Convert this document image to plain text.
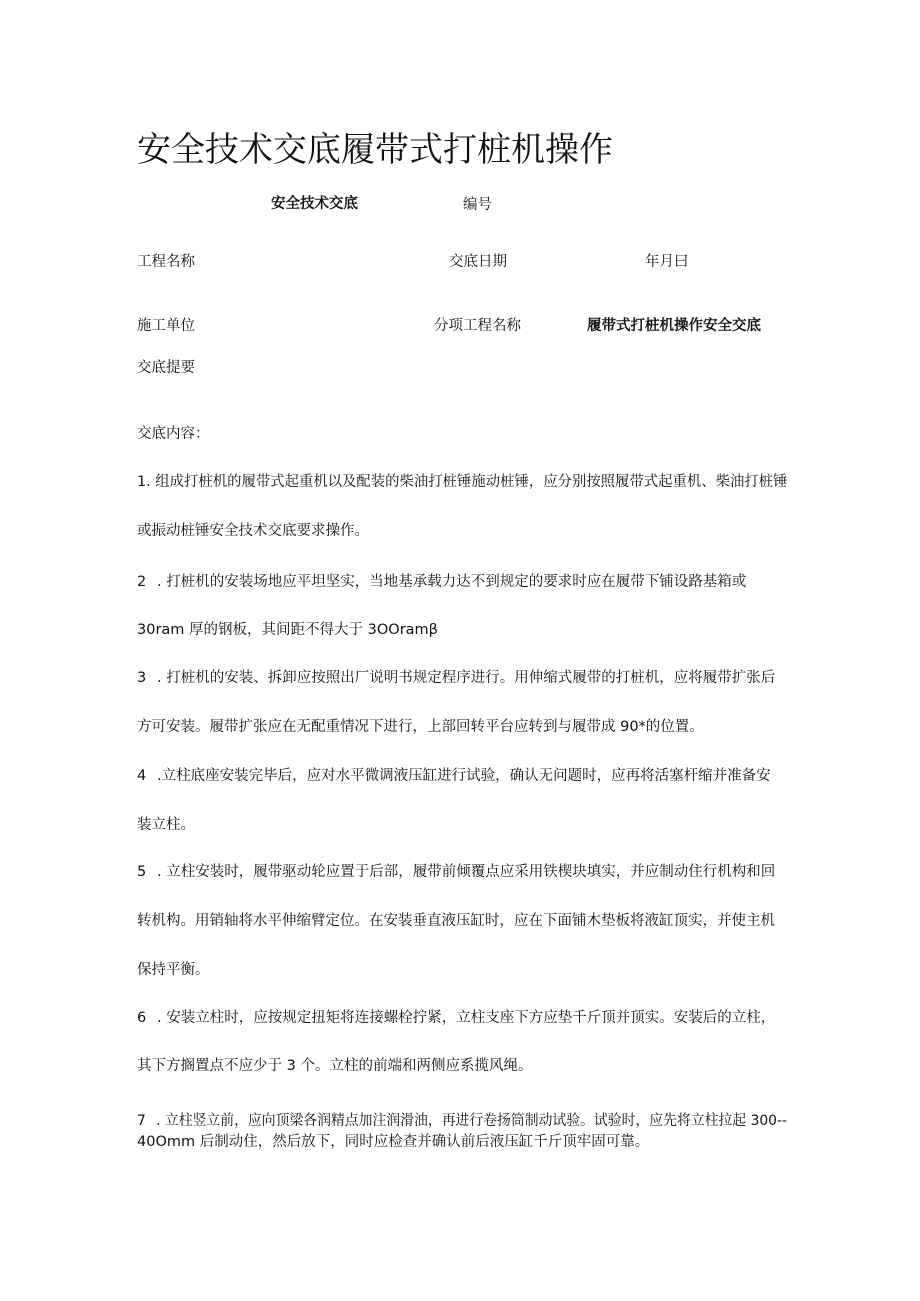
安全技术交底履带式打桩机操作
安全技术交底	编号
工程名称	交底日期	年月曰
施工单位	分项工程名称	履带式打桩机操作安全交底
交底提要
交底内容：
1. 组成打桩机的履带式起重机以及配装的柴油打桩锤施动桩锤，应分别按照履带式起重机、柴油打桩锤
或振动桩锤安全技术交底要求操作。
2 . 打桩机的安装场地应平坦坚实，当地基承载力达不到规定的要求时应在履带下铺设路基箱或
30ram 厚的钢板，其间距不得大于 3OOramβ
3 . 打桩机的安装、拆卸应按照出厂说明书规定程序进行。用伸缩式履带的打桩机，应将履带扩张后
方可安装。履带扩张应在无配重情况下进行，上部回转平台应转到与履带成 90*的位置。
4 .立柱底座安装完毕后，应对水平微调液压缸进行试验，确认无问题时，应再将活塞杆缩并准备安
装立柱。
5 . 立柱安装时，履带驱动轮应置于后部，履带前倾覆点应采用铁楔块填实，并应制动住行机构和回
转机构。用销轴将水平伸缩臂定位。在安装垂直液压缸时，应在下面铺木垫板将液缸顶实，并使主机
保持平衡。
6 . 安装立柱时，应按规定扭矩将连接螺栓拧紧，立柱支座下方应垫千斤顶并顶实。安装后的立柱，
其下方搁置点不应少于 3 个。立柱的前端和两侧应系揽风绳。
7 . 立柱竖立前，应向顶梁各润精点加注润滑油，再进行卷扬筒制动试验。试验时，应先将立柱拉起 300--
40Omm 后制动住，然后放下，同时应检查并确认前后液压缸千斤顶牢固可靠。
